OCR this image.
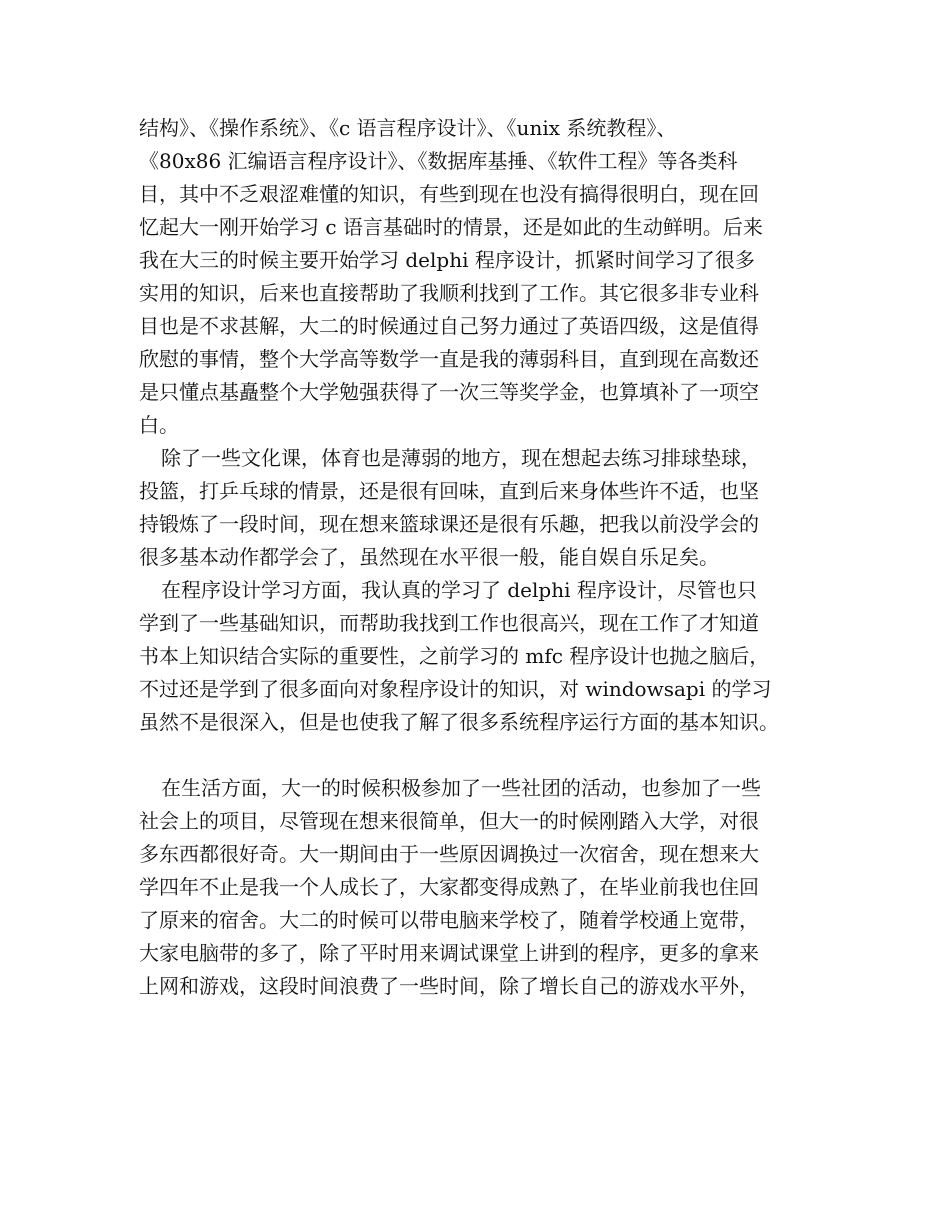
结构》、《操作系统》、《c 语言程序设计》、《unix 系统教程》、
《80x86 汇编语言程序设计》、《数据库基捶、《软件工程》等各类科
目，其中不乏艰涩难懂的知识，有些到现在也没有搞得很明白，现在回
忆起大一刚开始学习 c 语言基础时的情景，还是如此的生动鲜明。后来
我在大三的时候主要开始学习 delphi 程序设计，抓紧时间学习了很多
实用的知识，后来也直接帮助了我顺利找到了工作。其它很多非专业科
目也是不求甚解，大二的时候通过自己努力通过了英语四级，这是值得
欣慰的事情，整个大学高等数学一直是我的薄弱科目，直到现在高数还
是只懂点基矗整个大学勉强获得了一次三等奖学金，也算填补了一项空
白。
除了一些文化课，体育也是薄弱的地方，现在想起去练习排球垫球，
投篮，打乒乓球的情景，还是很有回味，直到后来身体些许不适，也坚
持锻炼了一段时间，现在想来篮球课还是很有乐趣，把我以前没学会的
很多基本动作都学会了，虽然现在水平很一般，能自娱自乐足矣。
在程序设计学习方面，我认真的学习了 delphi 程序设计，尽管也只
学到了一些基础知识，而帮助我找到工作也很高兴，现在工作了才知道
书本上知识结合实际的重要性，之前学习的 mfc 程序设计也抛之脑后，
不过还是学到了很多面向对象程序设计的知识，对 windowsapi 的学习
虽然不是很深入，但是也使我了解了很多系统程序运行方面的基本知识。
在生活方面，大一的时候积极参加了一些社团的活动，也参加了一些
社会上的项目，尽管现在想来很简单，但大一的时候刚踏入大学，对很
多东西都很好奇。大一期间由于一些原因调换过一次宿舍，现在想来大
学四年不止是我一个人成长了，大家都变得成熟了，在毕业前我也住回
了原来的宿舍。大二的时候可以带电脑来学校了，随着学校通上宽带，
大家电脑带的多了，除了平时用来调试课堂上讲到的程序，更多的拿来
上网和游戏，这段时间浪费了一些时间，除了增长自己的游戏水平外，
